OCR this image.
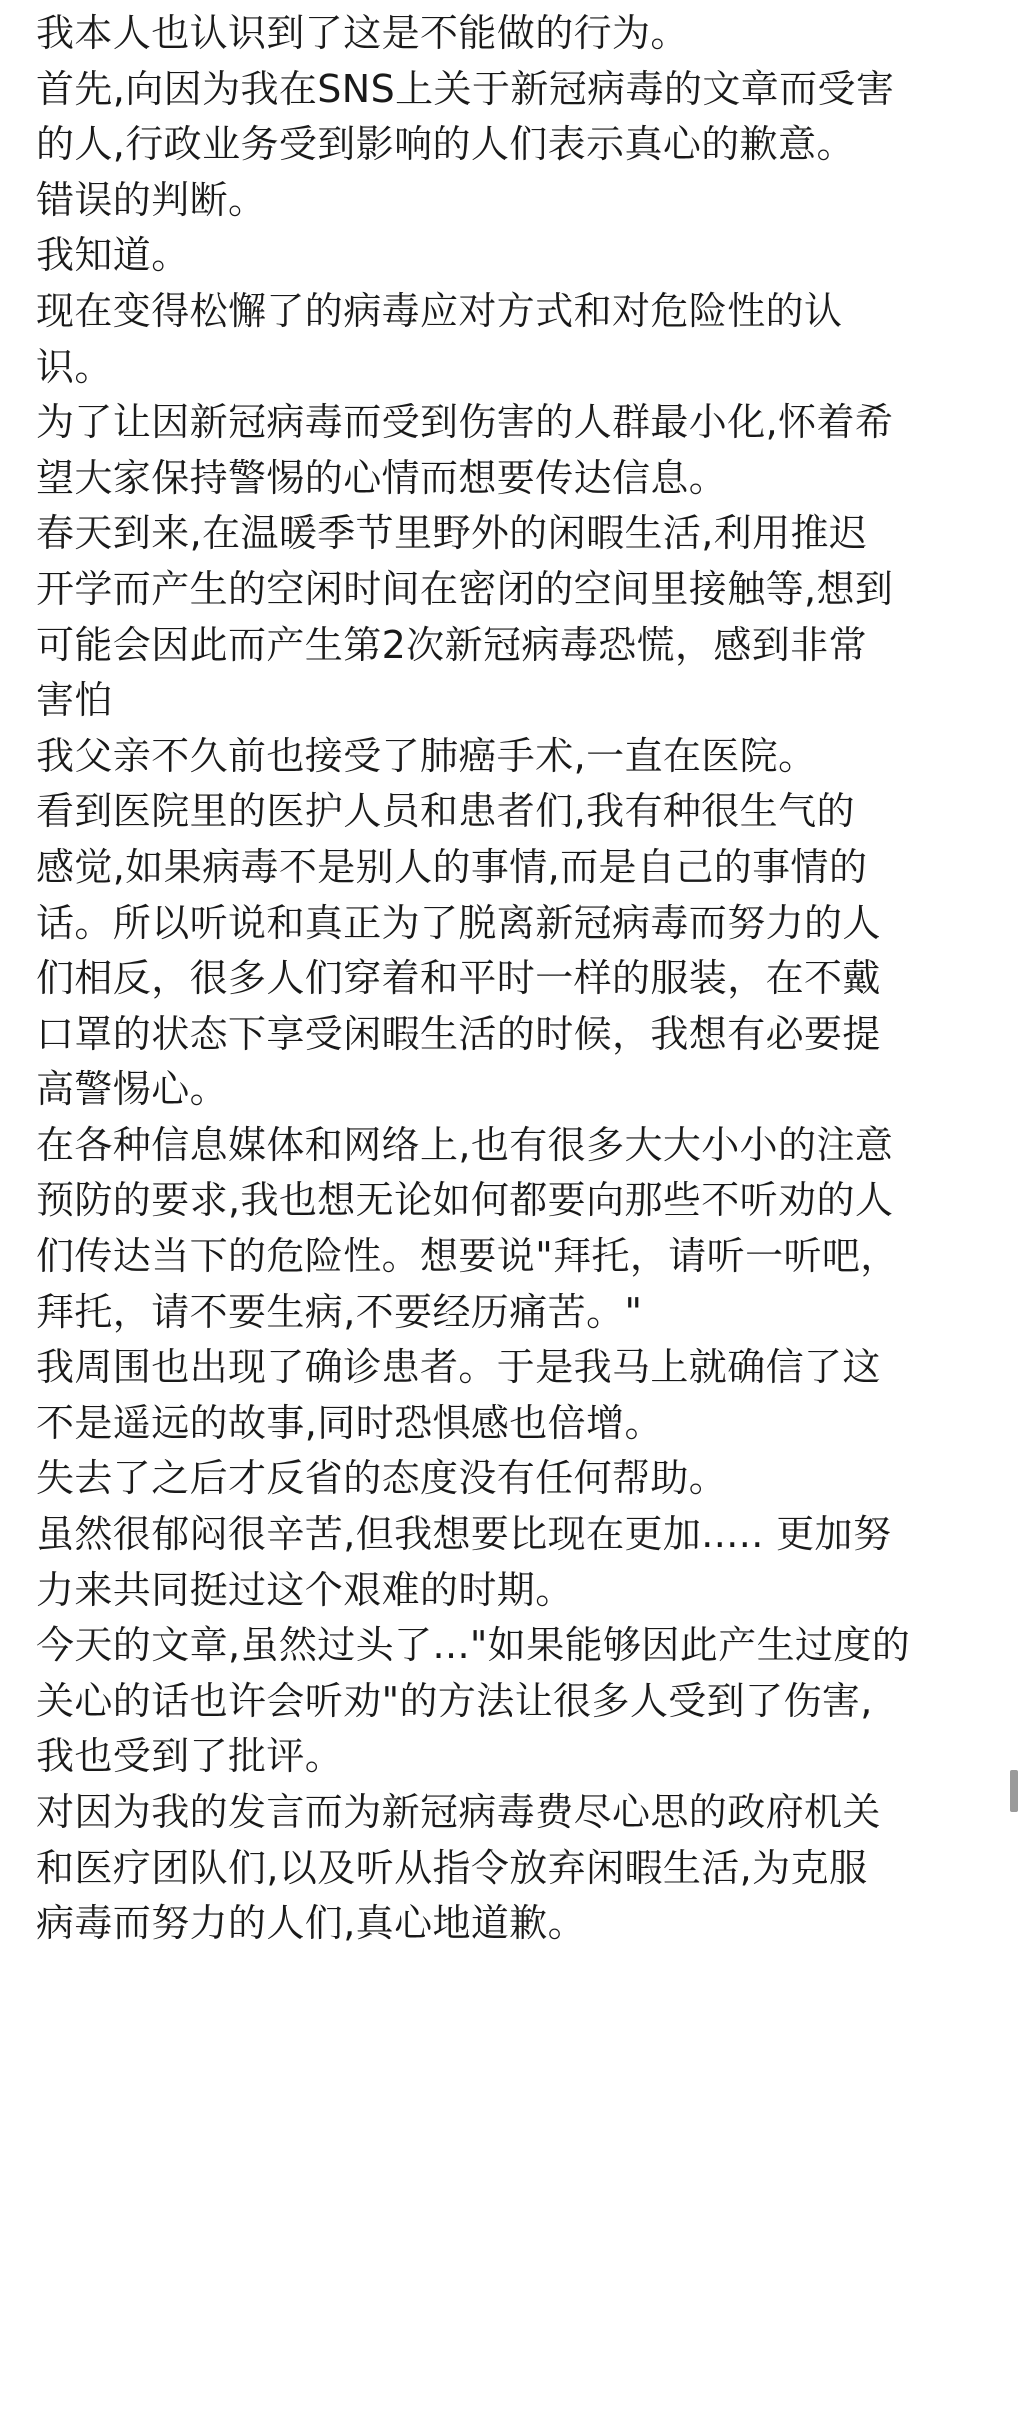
我本人也认识到了这是不能做的行为。
首先,向因为我在SNS上关于新冠病毒的文章而受害
的人,行政业务受到影响的人们表示真心的歉意。
错误的判断。
我知道。
现在变得松懈了的病毒应对方式和对危险性的认
识。
为了让因新冠病毒而受到伤害的人群最小化,怀着希
望大家保持警惕的心情而想要传达信息。
春天到来,在温暖季节里野外的闲暇生活,利用推迟
开学而产生的空闲时间在密闭的空间里接触等,想到
可能会因此而产生第2次新冠病毒恐慌，感到非常
害怕
我父亲不久前也接受了肺癌手术,一直在医院。
看到医院里的医护人员和患者们,我有种很生气的
感觉,如果病毒不是别人的事情,而是自己的事情的
话。所以听说和真正为了脱离新冠病毒而努力的人
们相反，很多人们穿着和平时一样的服装，在不戴
口罩的状态下享受闲暇生活的时候，我想有必要提
高警惕心。
在各种信息媒体和网络上,也有很多大大小小的注意
预防的要求,我也想无论如何都要向那些不听劝的人
们传达当下的危险性。想要说"拜托，请听一听吧，
拜托，请不要生病,不要经历痛苦。"
我周围也出现了确诊患者。于是我马上就确信了这
不是遥远的故事,同时恐惧感也倍增。
失去了之后才反省的态度没有任何帮助。
虽然很郁闷很辛苦,但我想要比现在更加..... 更加努
力来共同挺过这个艰难的时期。
今天的文章,虽然过头了..."如果能够因此产生过度的
关心的话也许会听劝"的方法让很多人受到了伤害,
我也受到了批评。
对因为我的发言而为新冠病毒费尽心思的政府机关
和医疗团队们,以及听从指令放弃闲暇生活,为克服
病毒而努力的人们,真心地道歉。
